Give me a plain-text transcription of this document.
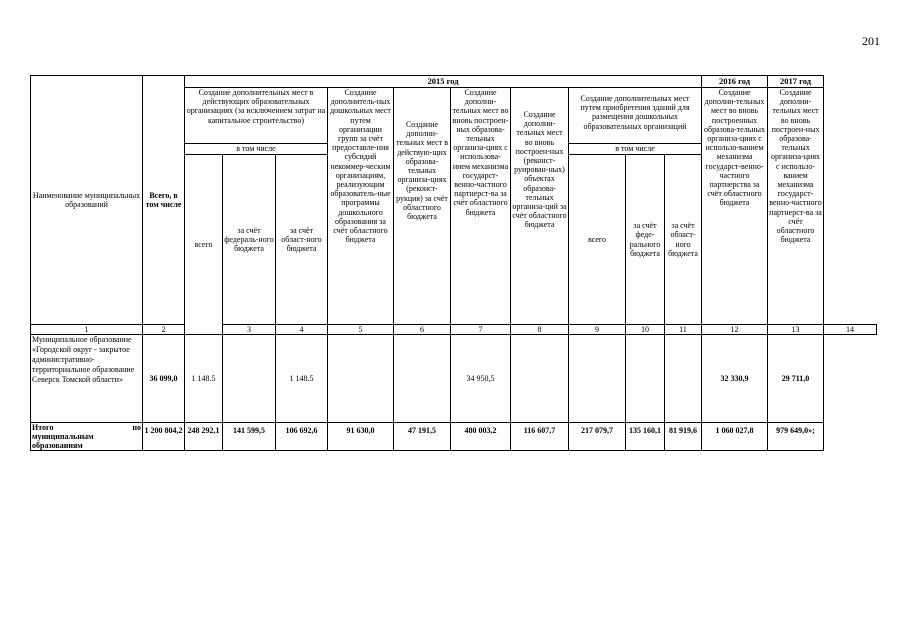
201
Наименование муниципальных образований	Всего, в том числе	2015 год										2016 год	2017 год	
		Создание дополнительных мест в действующих образовательных организациях (за исключением затрат на капитальное строительство)			Создание дополнитель-ных дошкольных мест путем организации групп за счёт предоставле-ния субсидий некоммер-ческим организациям, реализующим образователь-ные программы дошкольного образования за счёт областного бюджета	Создание дополни-тельных мест в действую-щих образова-тельных организа-циях (реконст-рукция) за счёт областного бюджета	Создание дополни-тельных мест во вновь построен-ных образова-тельных организа-циях с использова-нием механизма государст-венно-частного партнерст-ва за счёт областного бюджета	Создание дополни-тельных мест во вновь построен-ных (реконст-руирован-ных) объектах образова-тельных организа-ций за счёт областного бюджета	Создание дополнительных мест путем приобретения зданий для размещения дошкольных образовательных организаций			Создание дополни-тельных мест во вновь построенных образова-тельных организа-циях с использо-ванием механизма государст-венно-частного партнерства за счёт областного бюджета	Создание дополни-тельных мест во вновь построен-ных образова-тельных организа-циях с использо-ванием механизма государст-венно-частного партнерст-ва за счёт областного бюджета	
		в том числе							в том числе					
		всего	за счёт федераль-ного бюджета	за счёт област-ного бюджета					всего	за счёт феде-рального бюджета	за счёт област-ного бюджета			
1	2		3	4	5	6	7	8	9	10	11	12	13	14
Муниципальное образование «Городской округ - закрытое административно-территориальное образование Северск Томской области»	36 099,0	1 148.5		1 148.5			34 950,5					32 330,9	29 711,0	

Итого по
муниципальным образованиям	1 200 804,2	248 292,1	141 599,5	106 692,6	91 630,0	47 191,5	480 003,2	116 607,7	217 079,7	135 160,1	81 919,6	1 060 027,8	979 649,0»;	
